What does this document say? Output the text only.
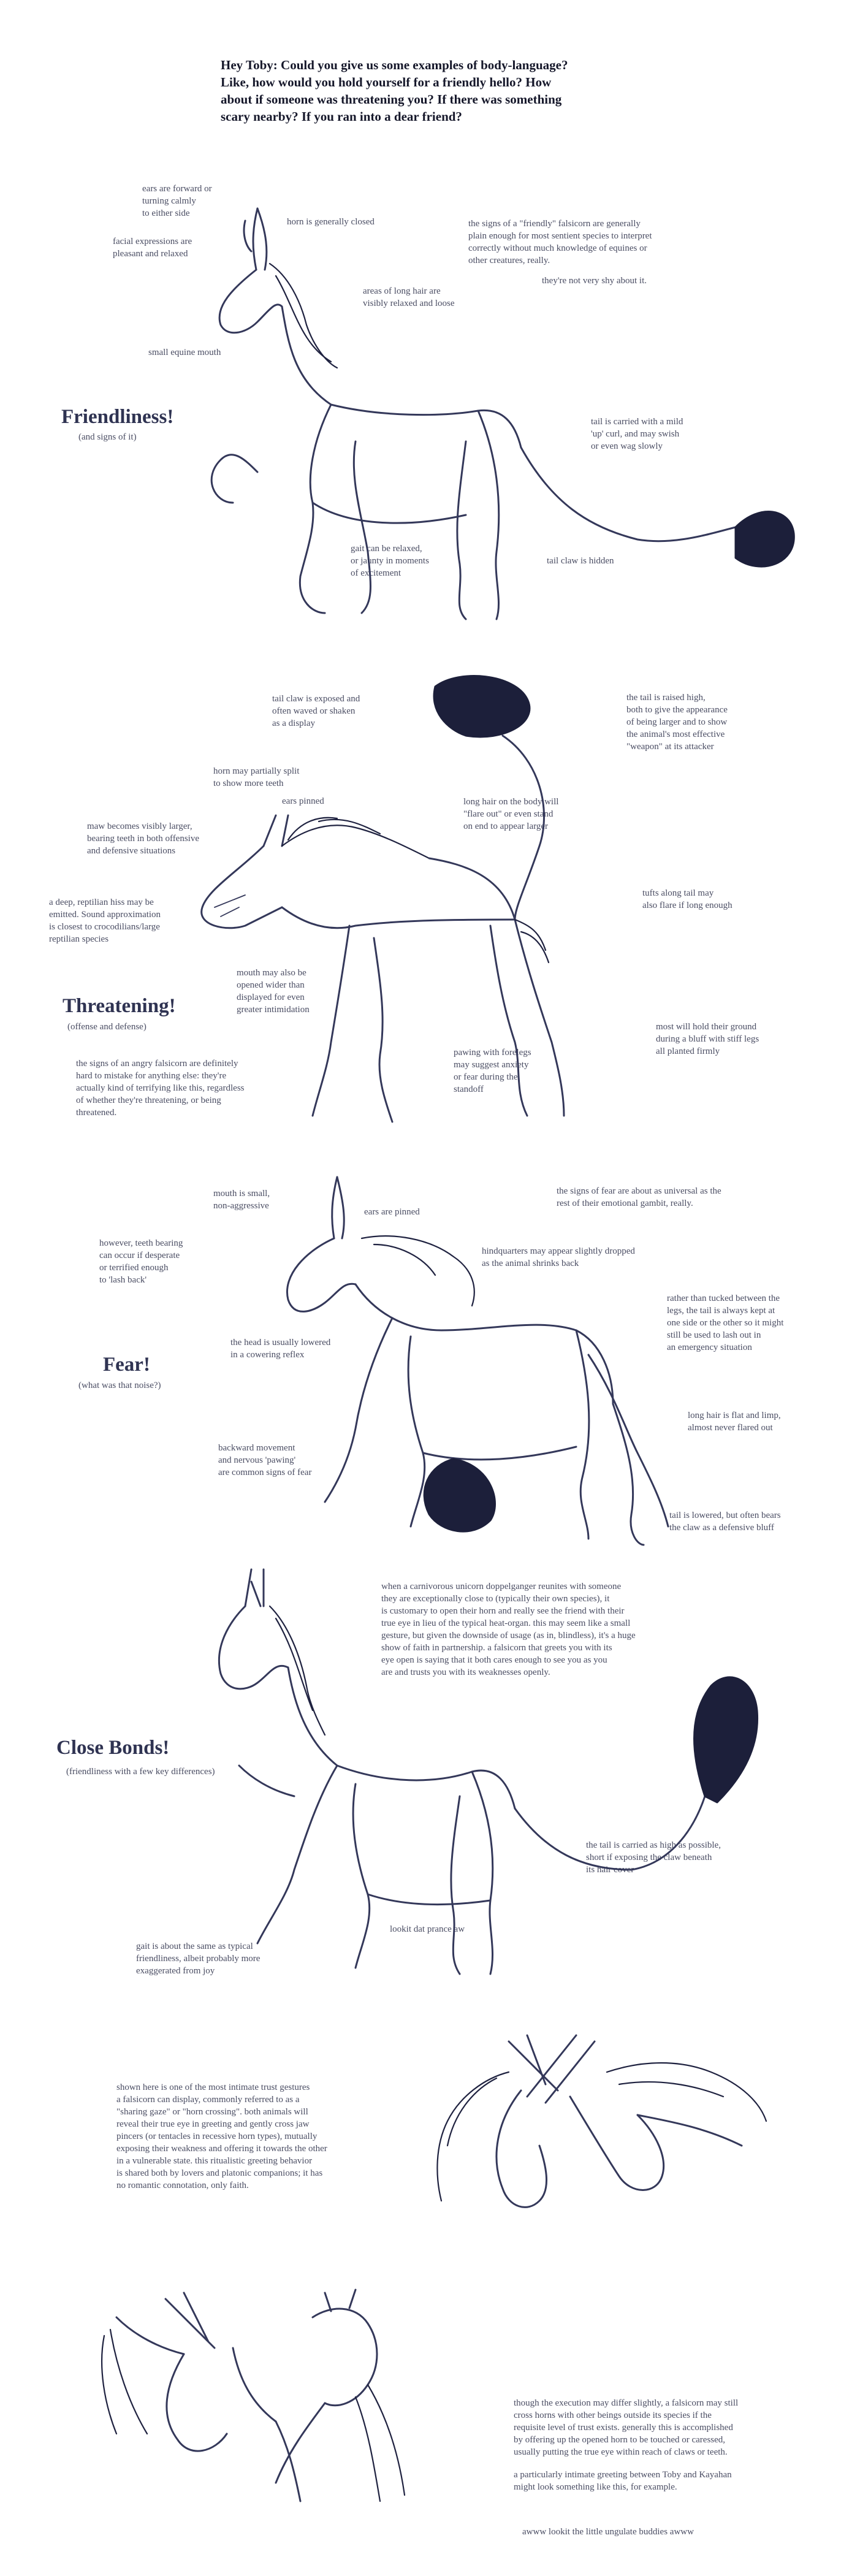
Hey Toby: Could you give us some examples of body-language?
Like, how would you hold yourself for a friendly hello? How
about if someone was threatening you? If there was something
scary nearby? If you ran into a dear friend?
Friendliness!
(and signs of it)
ears are forward or
turning calmly
to either side
facial expressions are
pleasant and relaxed
horn is generally closed
areas of long hair are
visibly relaxed and loose
the signs of a "friendly" falsicorn are generally
plain enough for most sentient species to interpret
correctly without much knowledge of equines or
other creatures, really.
they're not very shy about it.
small equine mouth
tail is carried with a mild
'up' curl, and may swish
or even wag slowly
gait can be relaxed,
or jaunty in moments
of excitement
tail claw is hidden
Threatening!
(offense and defense)
tail claw is exposed and
often waved or shaken
as a display
the tail is raised high,
both to give the appearance
of being larger and to show
the animal's most effective
"weapon" at its attacker
horn may partially split
to show more teeth
ears pinned	long hair on the body will
"flare out" or even stand
on end to appear larger
maw becomes visibly larger,
bearing teeth in both offensive
and defensive situations
a deep, reptilian hiss may be
emitted. Sound approximation
is closest to crocodilians/large
reptilian species
tufts along tail may
also flare if long enough
mouth may also be
opened wider than
displayed for even
greater intimidation
most will hold their ground
during a bluff with stiff legs
all planted firmly
the signs of an angry falsicorn are definitely
hard to mistake for anything else: they're
actually kind of terrifying like this, regardless
of whether they're threatening, or being
threatened.
pawing with forelegs
may suggest anxiety
or fear during the
standoff
Fear!
(what was that noise?)
mouth is small,
non-aggressive
ears are pinned
the signs of fear are about as universal as the
rest of their emotional gambit, really.
however, teeth bearing
can occur if desperate
or terrified enough
to 'lash back'
hindquarters may appear slightly dropped
as the animal shrinks back
rather than tucked between the
legs, the tail is always kept at
one side or the other so it might
still be used to lash out in
an emergency situation
the head is usually lowered
in a cowering reflex
long hair is flat and limp,
almost never flared out
backward movement
and nervous 'pawing'
are common signs of fear
tail is lowered, but often bears
the claw as a defensive bluff
Close Bonds!
(friendliness with a few key differences)
when a carnivorous unicorn doppelganger reunites with someone
they are exceptionally close to (typically their own species), it
is customary to open their horn and really see the friend with their
true eye in lieu of the typical heat-organ. this may seem like a small
gesture, but given the downside of usage (as in, blindless), it's a huge
show of faith in partnership. a falsicorn that greets you with its
eye open is saying that it both cares enough to see you as you
are and trusts you with its weaknesses openly.
the tail is carried as high as possible,
short if exposing the claw beneath
its hair cover
lookit dat prance aw
gait is about the same as typical
friendliness, albeit probably more
exaggerated from joy
shown here is one of the most intimate trust gestures
a falsicorn can display, commonly referred to as a
"sharing gaze" or "horn crossing". both animals will
reveal their true eye in greeting and gently cross jaw
pincers (or tentacles in recessive horn types), mutually
exposing their weakness and offering it towards the other
in a vulnerable state. this ritualistic greeting behavior
is shared both by lovers and platonic companions; it has
no romantic connotation, only faith.
though the execution may differ slightly, a falsicorn may still
cross horns with other beings outside its species if the
requisite level of trust exists. generally this is accomplished
by offering up the opened horn to be touched or caressed,
usually putting the true eye within reach of claws or teeth.
a particularly intimate greeting between Toby and Kayahan
might look something like this, for example.
awww lookit the little ungulate buddies awww
